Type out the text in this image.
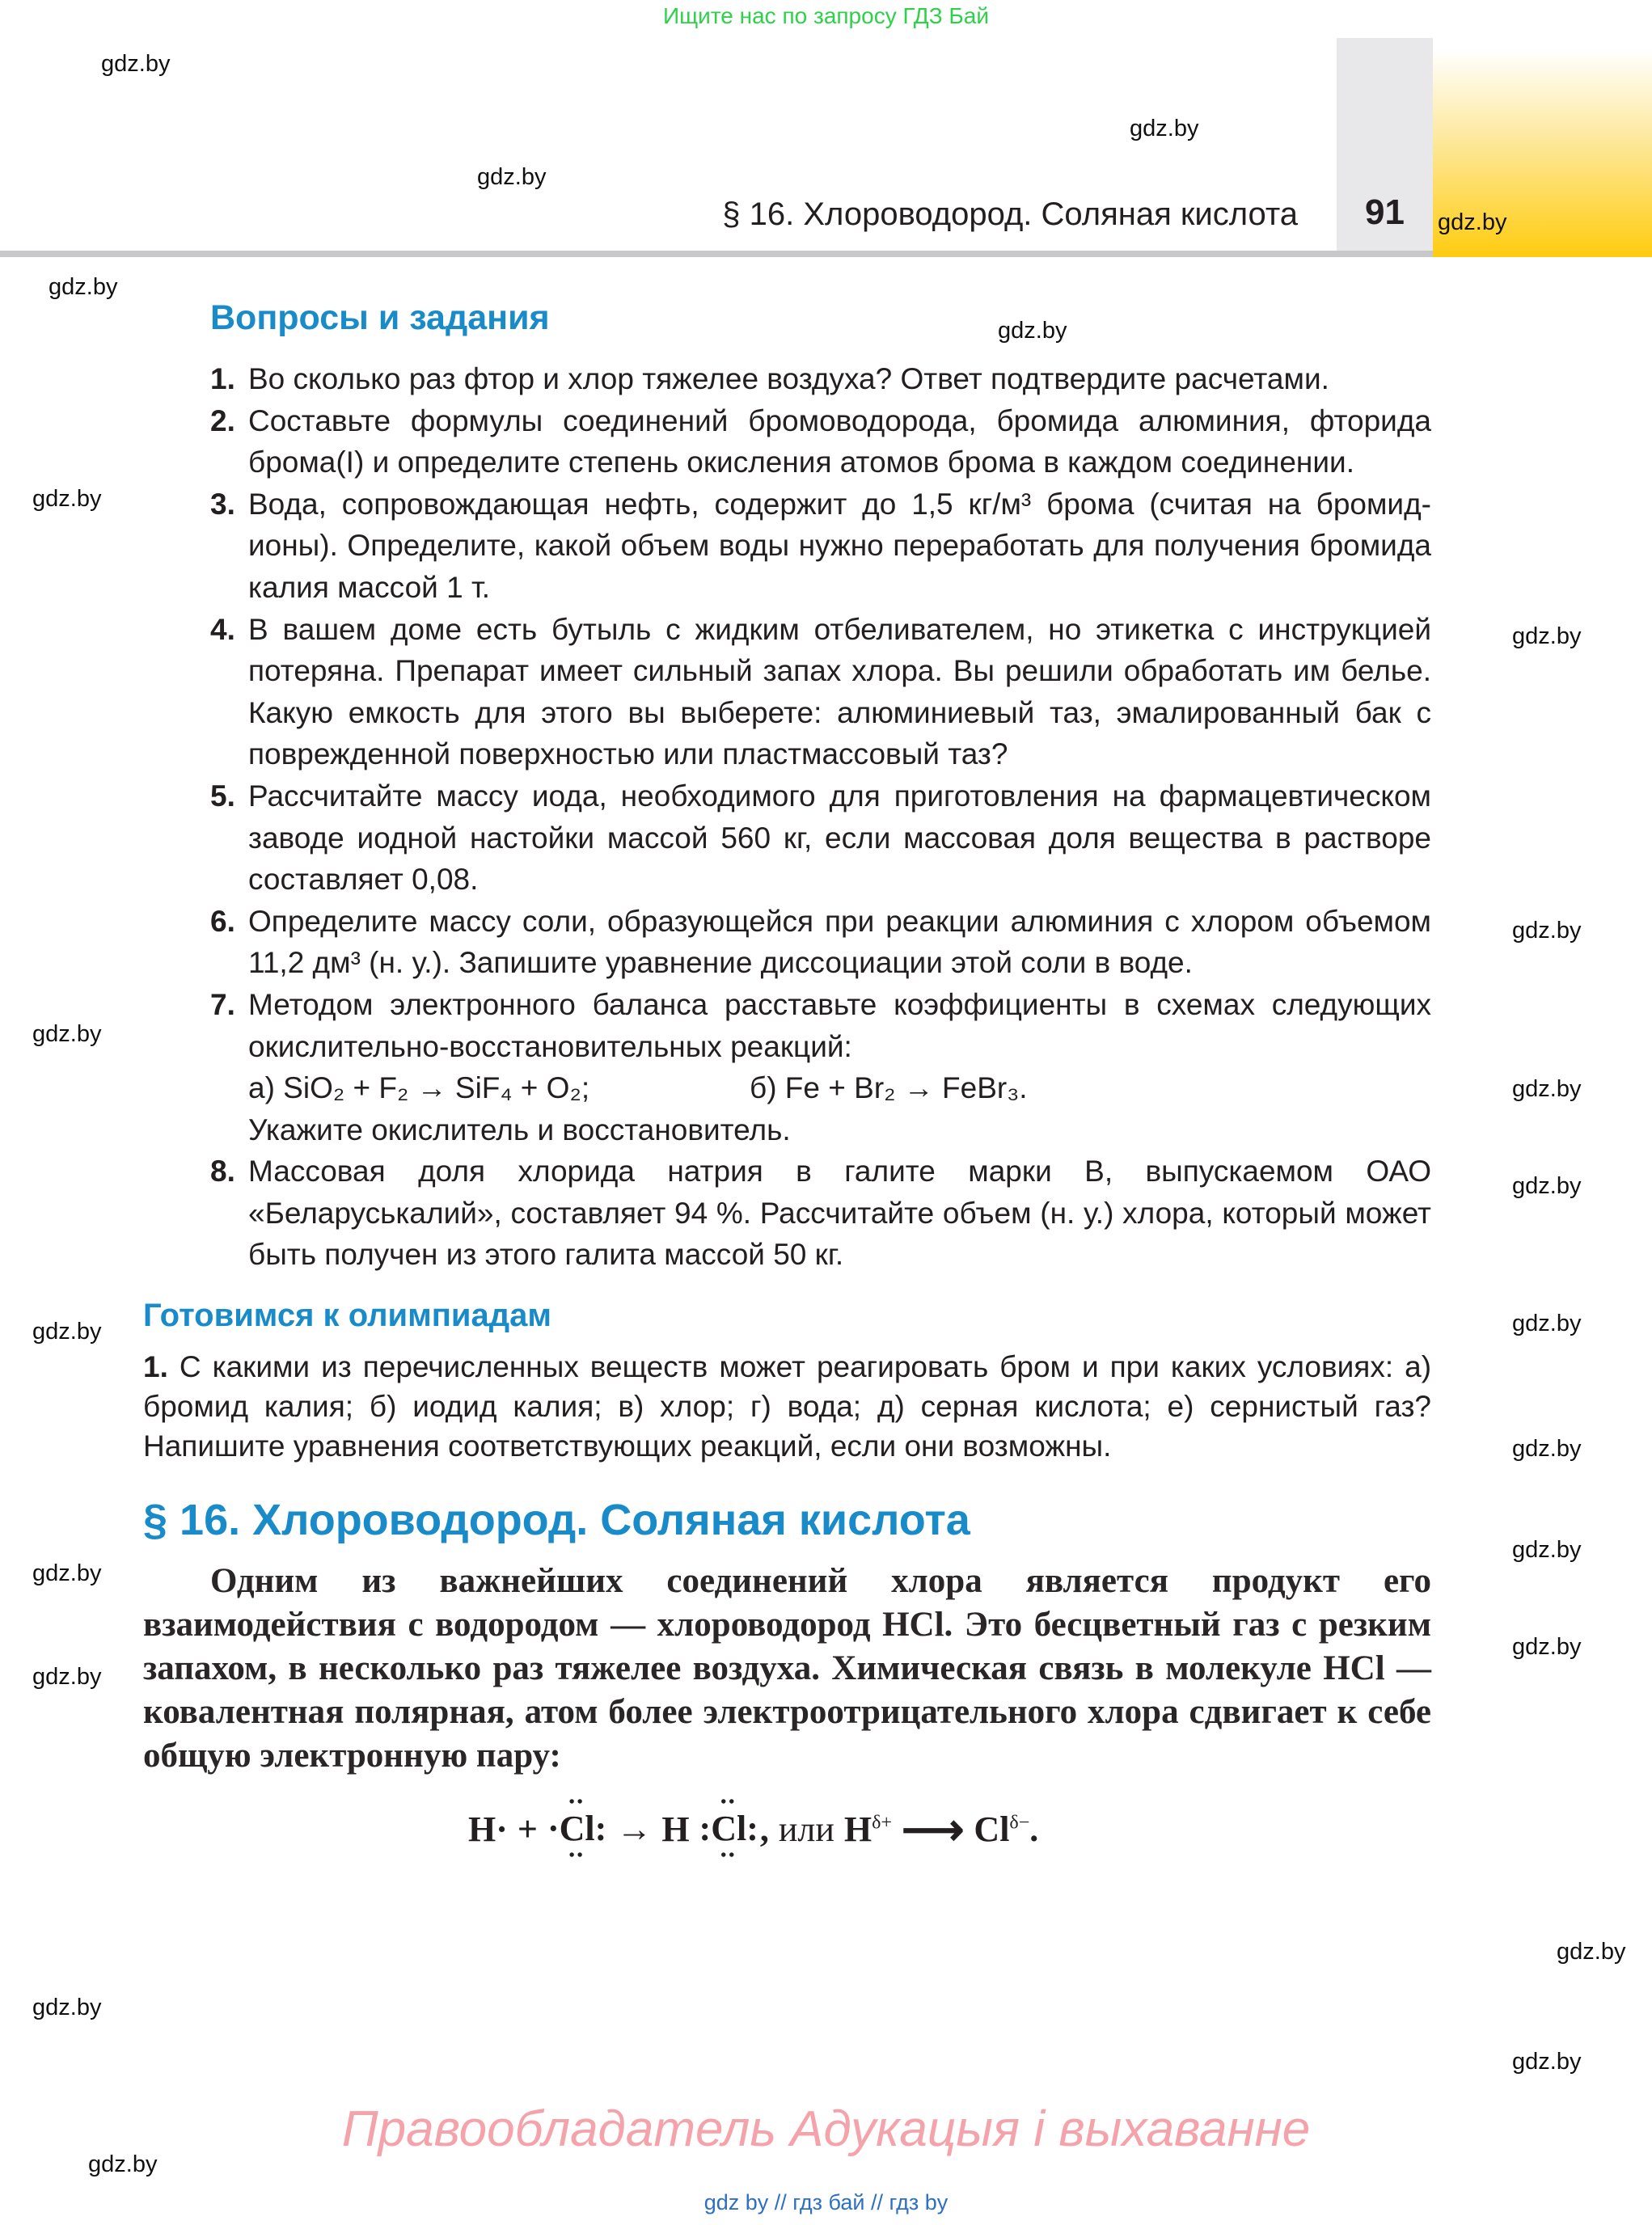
Ищите нас по запросу ГДЗ Бай
§ 16. Хлороводород. Соляная кислота	91
Вопросы и задания
1. Во сколько раз фтор и хлор тяжелее воздуха? Ответ подтвердите расчетами.
2. Составьте формулы соединений бромоводорода, бромида алюминия, фторида брома(I) и определите степень окисления атомов брома в каждом соединении.
3. Вода, сопровождающая нефть, содержит до 1,5 кг/м³ брома (считая на бромид-ионы). Определите, какой объем воды нужно переработать для получения бромида калия массой 1 т.
4. В вашем доме есть бутыль с жидким отбеливателем, но этикетка с инструкцией потеряна. Препарат имеет сильный запах хлора. Вы решили обработать им белье. Какую емкость для этого вы выберете: алюминиевый таз, эмалированный бак с поврежденной поверхностью или пластмассовый таз?
5. Рассчитайте массу иода, необходимого для приготовления на фармацевтическом заводе иодной настойки массой 560 кг, если массовая доля вещества в растворе составляет 0,08.
6. Определите массу соли, образующейся при реакции алюминия с хлором объемом 11,2 дм³ (н. у.). Запишите уравнение диссоциации этой соли в воде.
7. Методом электронного баланса расставьте коэффициенты в схемах следующих окислительно-восстановительных реакций:
а) SiO₂ + F₂ → SiF₄ + O₂;	б) Fe + Br₂ → FeBr₃.
Укажите окислитель и восстановитель.
8. Массовая доля хлорида натрия в галите марки В, выпускаемом ОАО «Беларуськалий», составляет 94 %. Рассчитайте объем (н. у.) хлора, который может быть получен из этого галита массой 50 кг.
Готовимся к олимпиадам
1. С какими из перечисленных веществ может реагировать бром и при каких условиях: а) бромид калия; б) иодид калия; в) хлор; г) вода; д) серная кислота; е) сернистый газ? Напишите уравнения соответствующих реакций, если они возможны.
§ 16. Хлороводород. Соляная кислота
Одним из важнейших соединений хлора является продукт его взаимодействия с водородом — хлороводород HCl. Это бесцветный газ с резким запахом, в несколько раз тяжелее воздуха. Химическая связь в молекуле HCl — ковалентная полярная, атом более электроотрицательного хлора сдвигает к себе общую электронную пару:
H· +
••
·Cl:
••
→ H
••
:Cl:
••
, или $H^{\delta+}$ ⟶ $Cl^{\delta-}$.
Правообладатель Адукацыя і выхаванне
gdz by // гдз бай // гдз by
gdz.by
gdz.by
gdz.by
gdz.by
gdz.by
gdz.by
gdz.by
gdz.by
gdz.by
gdz.by
gdz.by
gdz.by
gdz.by	gdz.by
gdz.by
gdz.by
gdz.by
gdz.by
gdz.by
gdz.by
gdz.by
gdz.by
gdz.by
